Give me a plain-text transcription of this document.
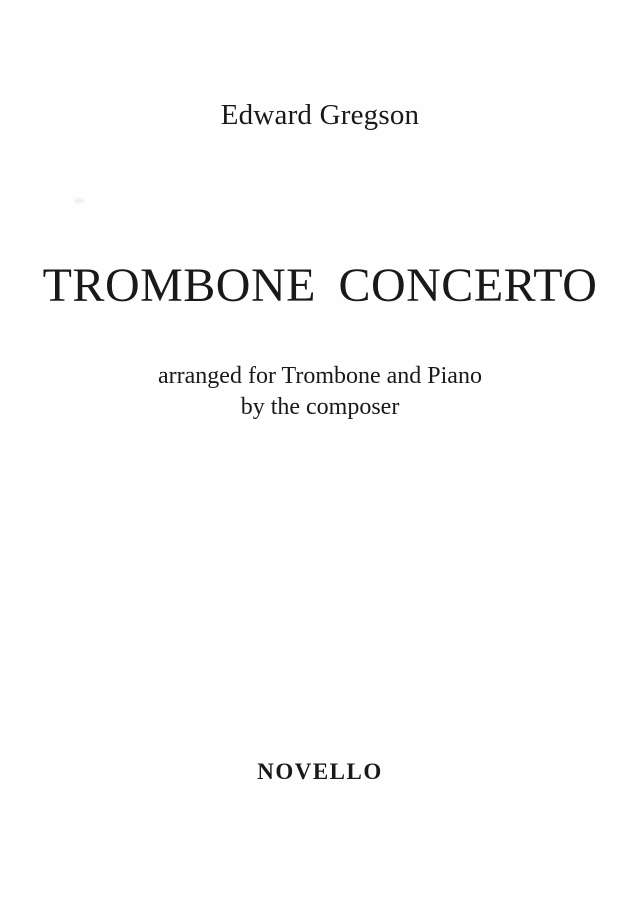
Edward Gregson
TROMBONE CONCERTO
arranged for Trombone and Piano
by the composer
NOVELLO
